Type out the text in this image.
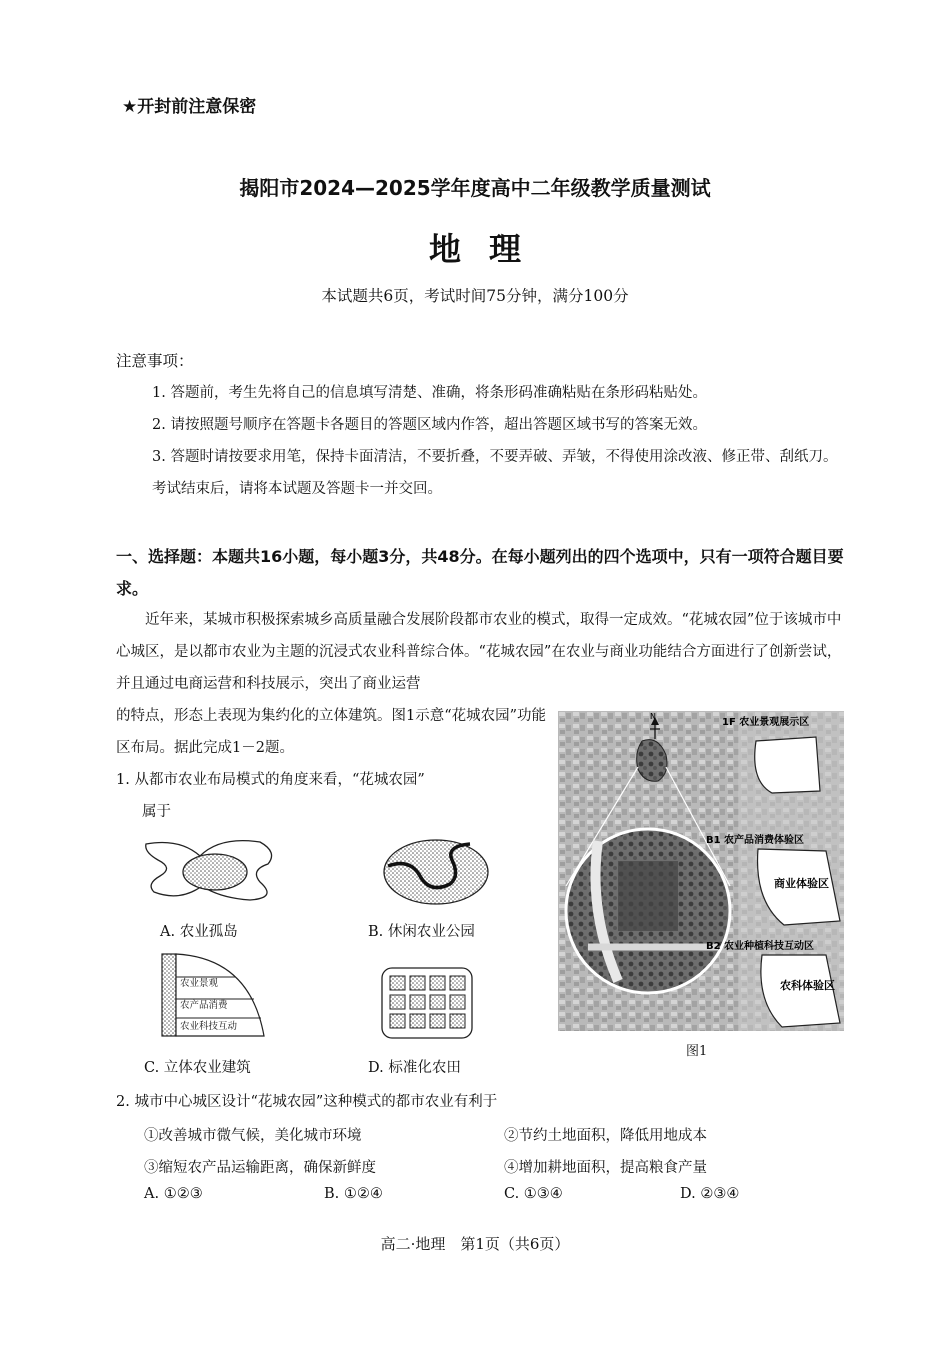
★开封前注意保密
揭阳市2024—2025学年度高中二年级教学质量测试
地理
本试题共6页，考试时间75分钟，满分100分
注意事项：
1. 答题前，考生先将自己的信息填写清楚、准确，将条形码准确粘贴在条形码粘贴处。
2. 请按照题号顺序在答题卡各题目的答题区域内作答，超出答题区域书写的答案无效。
3. 答题时请按要求用笔，保持卡面清洁，不要折叠，不要弄破、弄皱，不得使用涂改液、修正带、刮纸刀。考试结束后，请将本试题及答题卡一并交回。
一、选择题：本题共16小题，每小题3分，共48分。在每小题列出的四个选项中，只有一项符合题目要求。
近年来，某城市积极探索城乡高质量融合发展阶段都市农业的模式，取得一定成效。“花城农园”位于该城市中心城区，是以都市农业为主题的沉浸式农业科普综合体。“花城农园”在农业与商业功能结合方面进行了创新尝试，并且通过电商运营和科技展示，突出了商业运营
的特点，形态上表现为集约化的立体建筑。图1示意“花城农园”功能区布局。据此完成1－2题。
1. 从都市农业布局模式的角度来看，“花城农园”
属于
A. 农业孤岛	B. 休闲农业公园
农业景观
农产品消费
农业科技互动
C. 立体农业建筑	D. 标准化农田
N
1F 农业景观展示区
B1 农产品消费体验区
商业体验区
B2 农业种植科技互动区
农科体验区
图1
2. 城市中心城区设计“花城农园”这种模式的都市农业有利于
①改善城市微气候，美化城市环境	②节约土地面积，降低用地成本
③缩短农产品运输距离，确保新鲜度	④增加耕地面积，提高粮食产量
A. ①②③	B. ①②④	C. ①③④	D. ②③④
高二·地理　第1页（共6页）
